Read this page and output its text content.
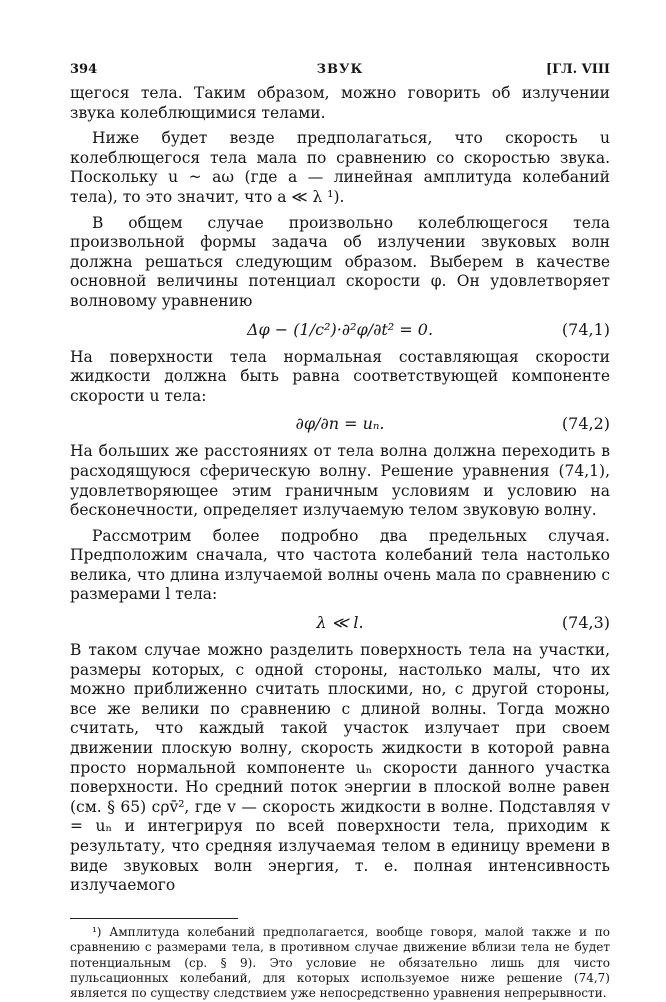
394	ЗВУК	[ГЛ. VIII

щегося тела. Таким образом, можно говорить об излучении звука колеблющимися телами.

Ниже будет везде предполагаться, что скорость u колеблющегося тела мала по сравнению со скоростью звука. Поскольку u ~ aω (где a — линейная амплитуда колебаний тела), то это значит, что a ≪ λ ¹).

В общем случае произвольно колеблющегося тела произвольной формы задача об излучении звуковых волн должна решаться следующим образом. Выберем в качестве основной величины потенциал скорости φ. Он удовлетворяет волновому уравнению

Δφ − (1/c²)·∂²φ/∂t² = 0.	(74,1)

На поверхности тела нормальная составляющая скорости жидкости должна быть равна соответствующей компоненте скорости u тела:

∂φ/∂n = uₙ.	(74,2)

На больших же расстояниях от тела волна должна переходить в расходящуюся сферическую волну. Решение уравнения (74,1), удовлетворяющее этим граничным условиям и условию на бесконечности, определяет излучаемую телом звуковую волну.

Рассмотрим более подробно два предельных случая. Предположим сначала, что частота колебаний тела настолько велика, что длина излучаемой волны очень мала по сравнению с размерами l тела:

λ ≪ l.	(74,3)

В таком случае можно разделить поверхность тела на участки, размеры которых, с одной стороны, настолько малы, что их можно приближенно считать плоскими, но, с другой стороны, все же велики по сравнению с длиной волны. Тогда можно считать, что каждый такой участок излучает при своем движении плоскую волну, скорость жидкости в которой равна просто нормальной компоненте uₙ скорости данного участка поверхности. Но средний поток энергии в плоской волне равен (см. § 65) cρv̄², где v — скорость жидкости в волне. Подставляя v = uₙ и интегрируя по всей поверхности тела, приходим к результату, что средняя излучаемая телом в единицу времени в виде звуковых волн энергия, т. е. полная интенсивность излучаемого

¹) Амплитуда колебаний предполагается, вообще говоря, малой также и по сравнению с размерами тела, в противном случае движение вблизи тела не будет потенциальным (ср. § 9). Это условие не обязательно лишь для чисто пульсационных колебаний, для которых используемое ниже решение (74,7) является по существу следствием уже непосредственно уравнения непрерывности.
